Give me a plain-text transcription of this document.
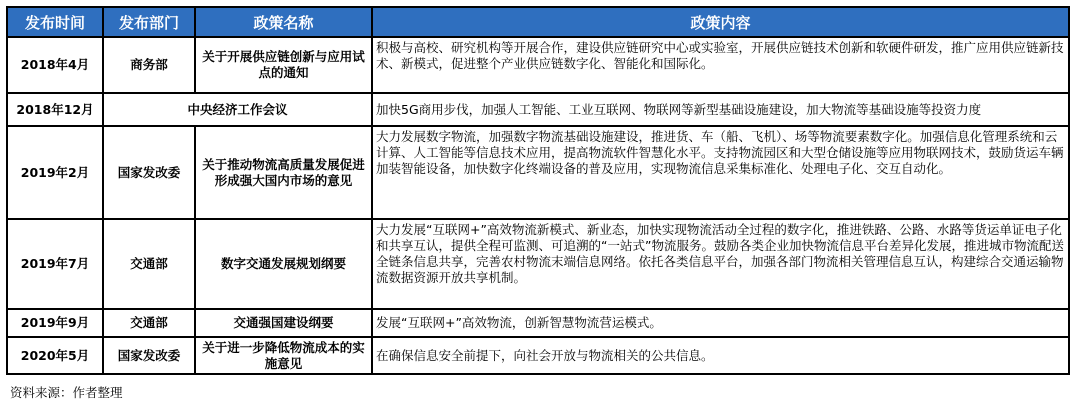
发布时间	发布部门	政策名称	政策内容
2018年4月	商务部	关于开展供应链创新与应用试点的通知	积极与高校、研究机构等开展合作，建设供应链研究中心或实验室，开展供应链技术创新和软硬件研发，推广应用供应链新技术、新模式，促进整个产业供应链数字化、智能化和国际化。
2018年12月	中央经济工作会议		加快5G商用步伐，加强人工智能、工业互联网、物联网等新型基础设施建设，加大物流等基础设施等投资力度
2019年2月	国家发改委	关于推动物流高质量发展促进形成强大国内市场的意见	大力发展数字物流，加强数字物流基础设施建设，推进货、车（船、飞机）、场等物流要素数字化。加强信息化管理系统和云计算、人工智能等信息技术应用，提高物流软件智慧化水平。支持物流园区和大型仓储设施等应用物联网技术，鼓励货运车辆加装智能设备，加快数字化终端设备的普及应用，实现物流信息采集标准化、处理电子化、交互自动化。
2019年7月	交通部	数字交通发展规划纲要	大力发展“互联网+”高效物流新模式、新业态，加快实现物流活动全过程的数字化，推进铁路、公路、水路等货运单证电子化和共享互认，提供全程可监测、可追溯的“一站式”物流服务。鼓励各类企业加快物流信息平台差异化发展，推进城市物流配送全链条信息共享，完善农村物流末端信息网络。依托各类信息平台，加强各部门物流相关管理信息互认，构建综合交通运输物流数据资源开放共享机制。
2019年9月	交通部	交通强国建设纲要	发展“互联网+”高效物流，创新智慧物流营运模式。
2020年5月	国家发改委	关于进一步降低物流成本的实施意见	在确保信息安全前提下，向社会开放与物流相关的公共信息。
资料来源：作者整理
